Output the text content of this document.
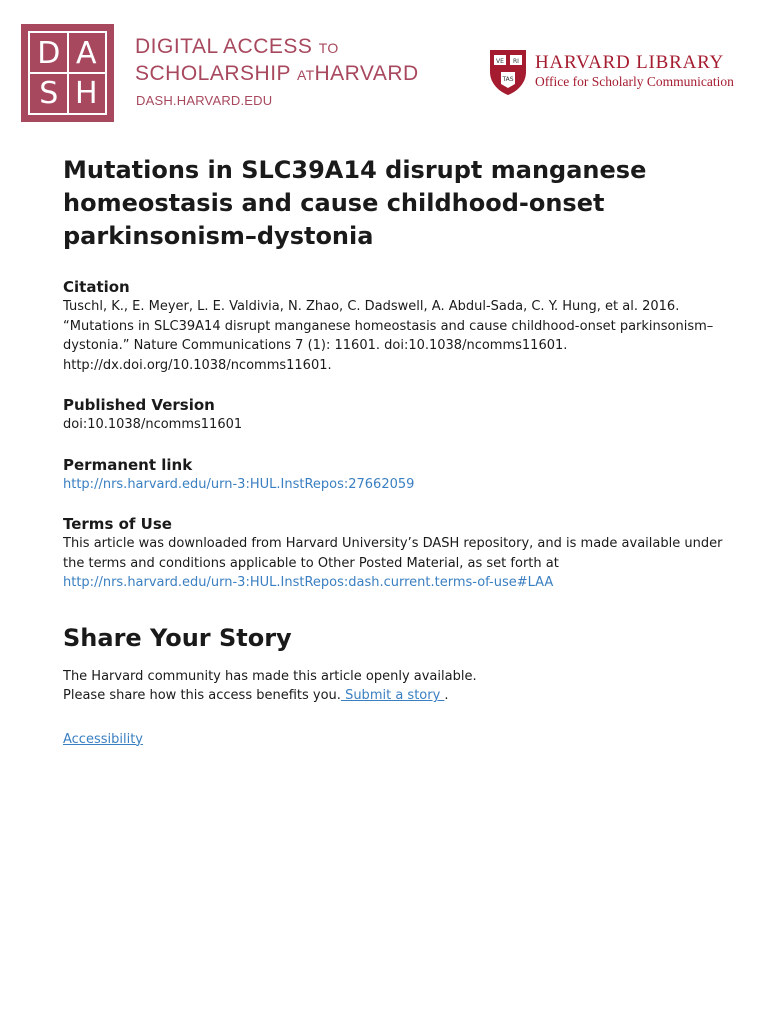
D A
S H
DIGITAL ACCESS TO
SCHOLARSHIP ATHARVARD
DASH.HARVARD.EDU
VE RI
TAS
HARVARD LIBRARY
Office for Scholarly Communication
Mutations in SLC39A14 disrupt manganese homeostasis and cause childhood-onset parkinsonism–dystonia

Citation

Tuschl, K., E. Meyer, L. E. Valdivia, N. Zhao, C. Dadswell, A. Abdul-Sada, C. Y. Hung, et al. 2016. “Mutations in SLC39A14 disrupt manganese homeostasis and cause childhood-onset parkinsonism–dystonia.” Nature Communications 7 (1): 11601. doi:10.1038/ncomms11601. http://dx.doi.org/10.1038/ncomms11601.

Published Version

doi:10.1038/ncomms11601

Permanent link

http://nrs.harvard.edu/urn-3:HUL.InstRepos:27662059

Terms of Use

This article was downloaded from Harvard University’s DASH repository, and is made available under the terms and conditions applicable to Other Posted Material, as set forth at http://nrs.harvard.edu/urn-3:HUL.InstRepos:dash.current.terms-of-use#LAA

Share Your Story

The Harvard community has made this article openly available.

Please share how this access benefits you. Submit a story .

Accessibility
